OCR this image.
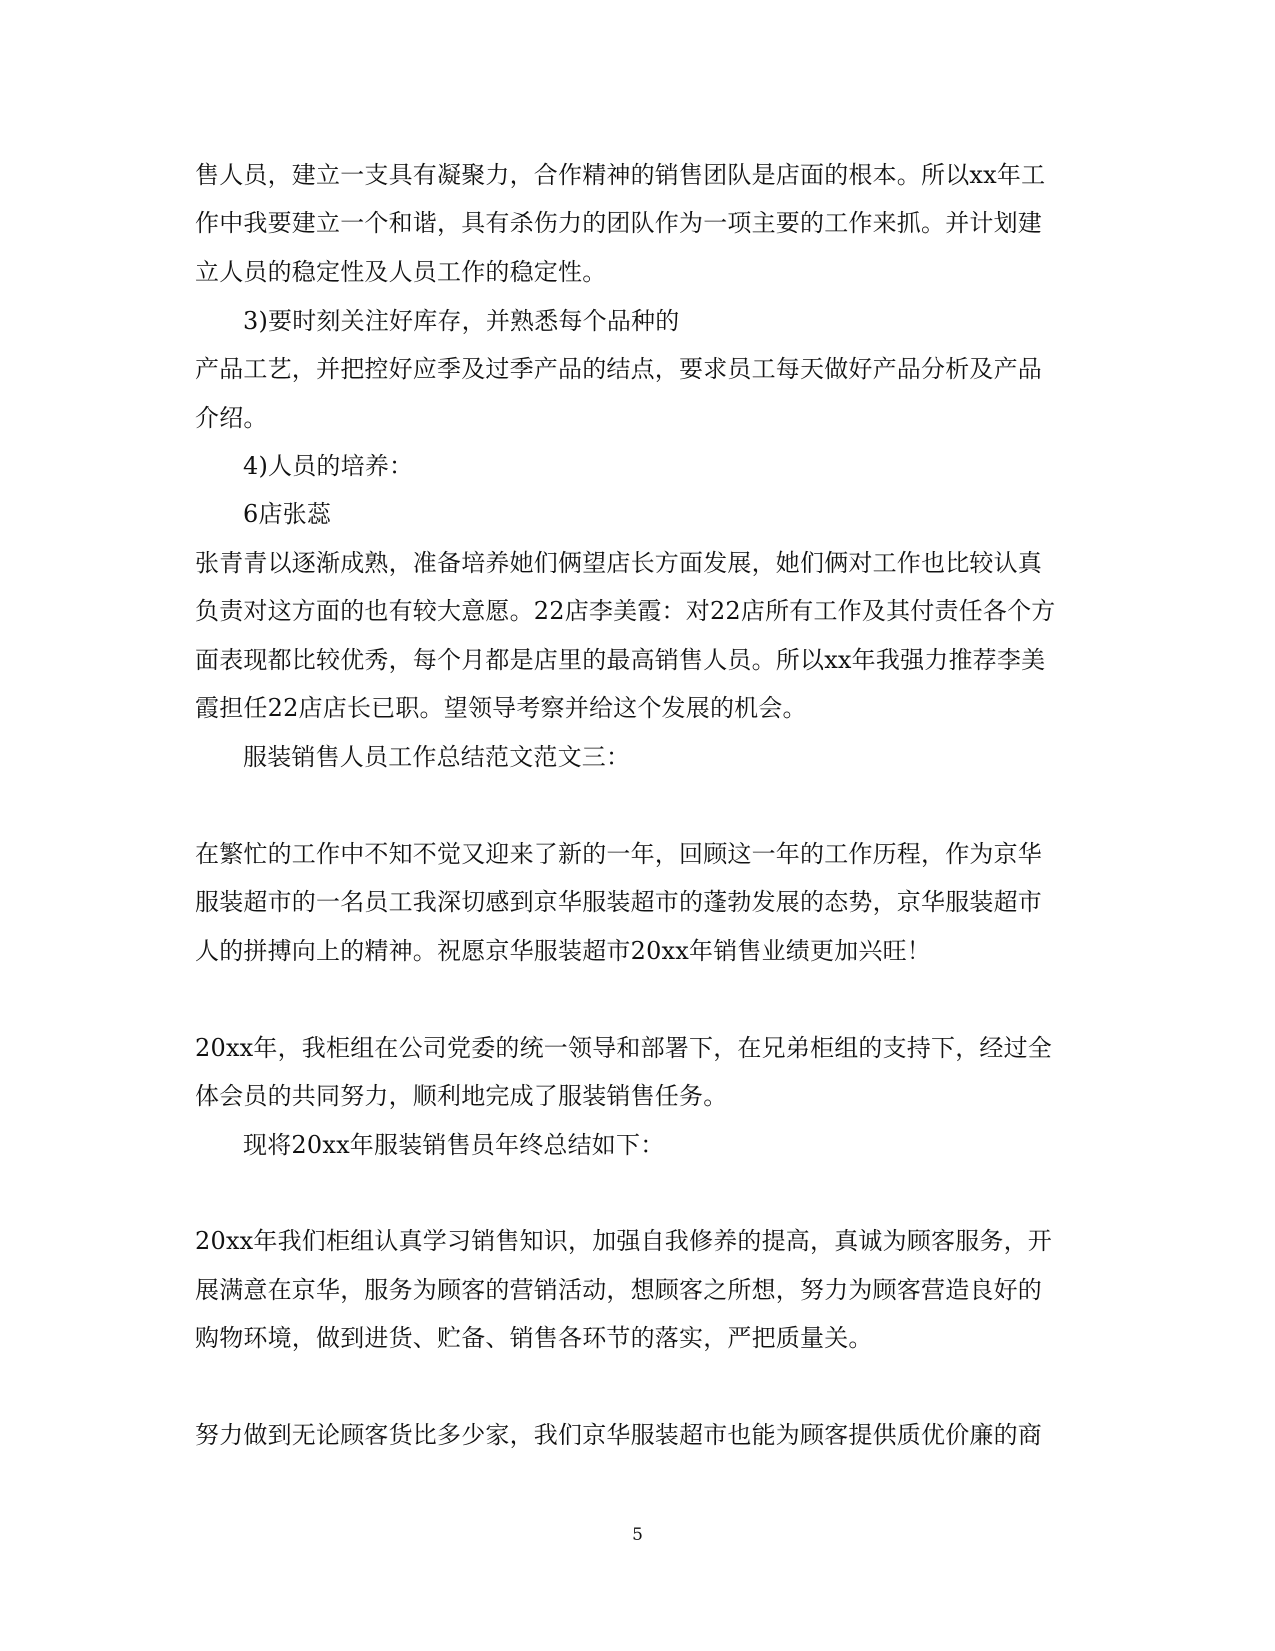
售人员，建立一支具有凝聚力，合作精神的销售团队是店面的根本。所以xx年工
作中我要建立一个和谐，具有杀伤力的团队作为一项主要的工作来抓。并计划建
立人员的稳定性及人员工作的稳定性。
3)要时刻关注好库存，并熟悉每个品种的
产品工艺，并把控好应季及过季产品的结点，要求员工每天做好产品分析及产品
介绍。
4)人员的培养：
6店张蕊
张青青以逐渐成熟，准备培养她们俩望店长方面发展，她们俩对工作也比较认真
负责对这方面的也有较大意愿。22店李美霞：对22店所有工作及其付责任各个方
面表现都比较优秀，每个月都是店里的最高销售人员。所以xx年我强力推荐李美
霞担任22店店长已职。望领导考察并给这个发展的机会。
服装销售人员工作总结范文范文三：
在繁忙的工作中不知不觉又迎来了新的一年，回顾这一年的工作历程，作为京华
服装超市的一名员工我深切感到京华服装超市的蓬勃发展的态势，京华服装超市
人的拼搏向上的精神。祝愿京华服装超市20xx年销售业绩更加兴旺！
20xx年，我柜组在公司党委的统一领导和部署下，在兄弟柜组的支持下，经过全
体会员的共同努力，顺利地完成了服装销售任务。
现将20xx年服装销售员年终总结如下：
20xx年我们柜组认真学习销售知识，加强自我修养的提高，真诚为顾客服务，开
展满意在京华，服务为顾客的营销活动，想顾客之所想，努力为顾客营造良好的
购物环境，做到进货、贮备、销售各环节的落实，严把质量关。
努力做到无论顾客货比多少家，我们京华服装超市也能为顾客提供质优价廉的商
5
